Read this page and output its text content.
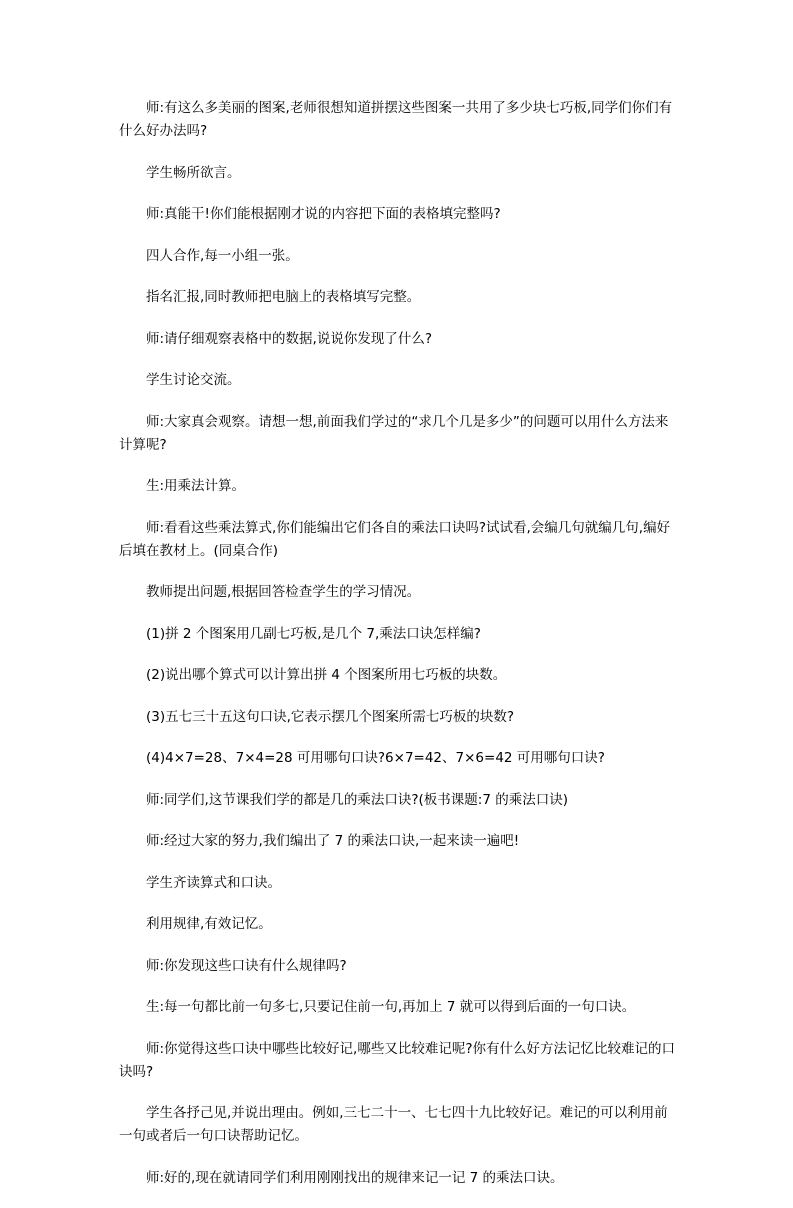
师:有这么多美丽的图案,老师很想知道拼摆这些图案一共用了多少块七巧板,同学们你们有什么好办法吗?

学生畅所欲言。

师:真能干!你们能根据刚才说的内容把下面的表格填完整吗?

四人合作,每一小组一张。

指名汇报,同时教师把电脑上的表格填写完整。

师:请仔细观察表格中的数据,说说你发现了什么?

学生讨论交流。

师:大家真会观察。请想一想,前面我们学过的“求几个几是多少”的问题可以用什么方法来计算呢?

生:用乘法计算。

师:看看这些乘法算式,你们能编出它们各自的乘法口诀吗?试试看,会编几句就编几句,编好后填在教材上。(同桌合作)

教师提出问题,根据回答检查学生的学习情况。

(1)拼 2 个图案用几副七巧板,是几个 7,乘法口诀怎样编?

(2)说出哪个算式可以计算出拼 4 个图案所用七巧板的块数。

(3)五七三十五这句口诀,它表示摆几个图案所需七巧板的块数?

(4)4×7=28、7×4=28 可用哪句口诀?6×7=42、7×6=42 可用哪句口诀?

师:同学们,这节课我们学的都是几的乘法口诀?(板书课题:7 的乘法口诀)

师:经过大家的努力,我们编出了 7 的乘法口诀,一起来读一遍吧!

学生齐读算式和口诀。

利用规律,有效记忆。

师:你发现这些口诀有什么规律吗?

生:每一句都比前一句多七,只要记住前一句,再加上 7 就可以得到后面的一句口诀。

师:你觉得这些口诀中哪些比较好记,哪些又比较难记呢?你有什么好方法记忆比较难记的口诀吗?

学生各抒己见,并说出理由。例如,三七二十一、七七四十九比较好记。难记的可以利用前一句或者后一句口诀帮助记忆。

师:好的,现在就请同学们利用刚刚找出的规律来记一记 7 的乘法口诀。
